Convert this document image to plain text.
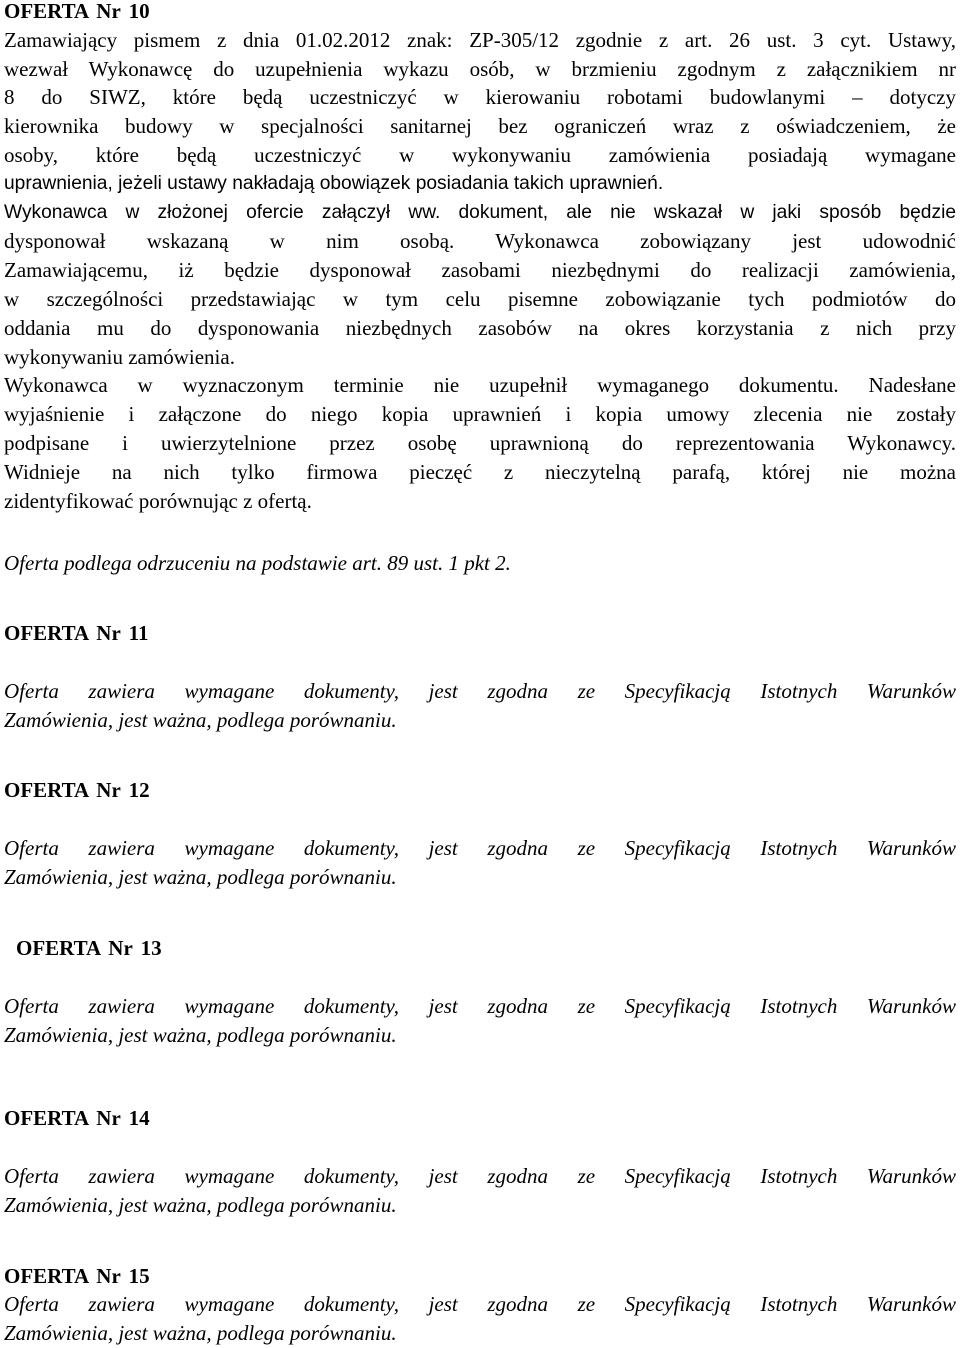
OFERTA Nr 10

Zamawiający pismem z dnia 01.02.2012 znak: ZP-305/12 zgodnie z art. 26 ust. 3 cyt. Ustawy,
wezwał Wykonawcę do uzupełnienia wykazu osób, w brzmieniu zgodnym z załącznikiem nr
8 do SIWZ, które będą uczestniczyć w kierowaniu robotami budowlanymi – dotyczy
kierownika budowy w specjalności sanitarnej bez ograniczeń wraz z oświadczeniem, że
osoby, które będą uczestniczyć w wykonywaniu zamówienia posiadają wymagane
uprawnienia, jeżeli ustawy nakładają obowiązek posiadania takich uprawnień.
Wykonawca w złożonej ofercie załączył ww. dokument, ale nie wskazał w jaki sposób będzie
dysponował wskazaną w nim osobą. Wykonawca zobowiązany jest udowodnić
Zamawiającemu, iż będzie dysponował zasobami niezbędnymi do realizacji zamówienia,
w szczególności przedstawiając w tym celu pisemne zobowiązanie tych podmiotów do
oddania mu do dysponowania niezbędnych zasobów na okres korzystania z nich przy
wykonywaniu zamówienia.
Wykonawca w wyznaczonym terminie nie uzupełnił wymaganego dokumentu. Nadesłane
wyjaśnienie i załączone do niego kopia uprawnień i kopia umowy zlecenia nie zostały
podpisane i uwierzytelnione przez osobę uprawnioną do reprezentowania Wykonawcy.
Widnieje na nich tylko firmowa pieczęć z nieczytelną parafą, której nie można
zidentyfikować porównując z ofertą.

Oferta podlega odrzuceniu na podstawie art. 89 ust. 1 pkt 2.

OFERTA Nr 11

Oferta zawiera wymagane dokumenty, jest zgodna ze Specyfikacją Istotnych Warunków
Zamówienia, jest ważna, podlega porównaniu.

OFERTA Nr 12

Oferta zawiera wymagane dokumenty, jest zgodna ze Specyfikacją Istotnych Warunków
Zamówienia, jest ważna, podlega porównaniu.

OFERTA Nr 13

Oferta zawiera wymagane dokumenty, jest zgodna ze Specyfikacją Istotnych Warunków
Zamówienia, jest ważna, podlega porównaniu.

OFERTA Nr 14

Oferta zawiera wymagane dokumenty, jest zgodna ze Specyfikacją Istotnych Warunków
Zamówienia, jest ważna, podlega porównaniu.

OFERTA Nr 15

Oferta zawiera wymagane dokumenty, jest zgodna ze Specyfikacją Istotnych Warunków
Zamówienia, jest ważna, podlega porównaniu.
